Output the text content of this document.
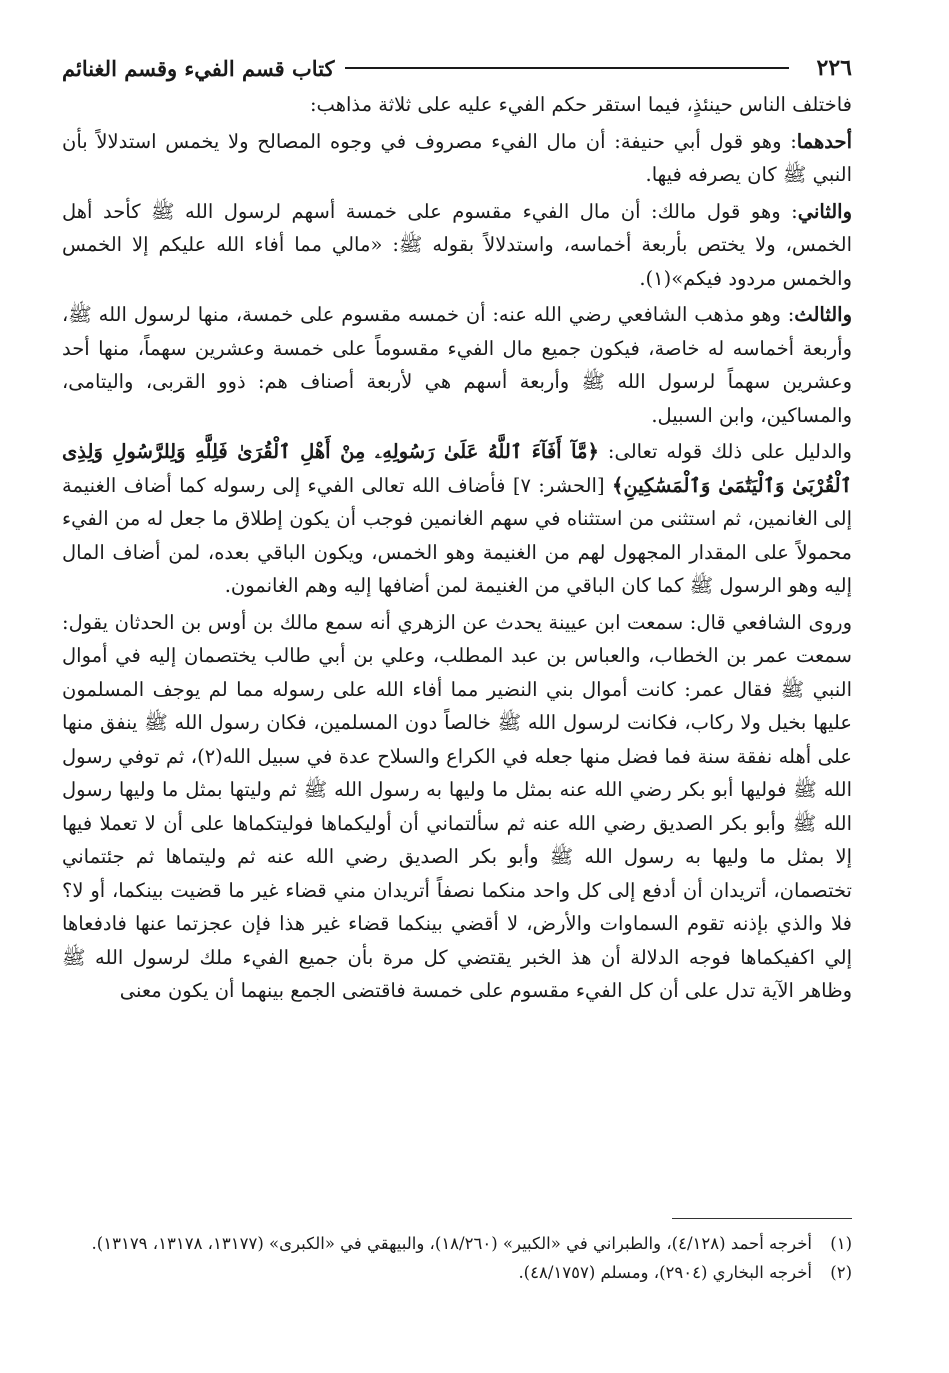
٢٢٦
كتاب قسم الفيء وقسم الغنائم

فاختلف الناس حينئذٍ، فيما استقر حكم الفيء عليه على ثلاثة مذاهب:

أحدهما: وهو قول أبي حنيفة: أن مال الفيء مصروف في وجوه المصالح ولا يخمس استدلالاً بأن النبي ﷺ كان يصرفه فيها.

والثاني: وهو قول مالك: أن مال الفيء مقسوم على خمسة أسهم لرسول الله ﷺ كأحد أهل الخمس، ولا يختص بأربعة أخماسه، واستدلالاً بقوله ﷺ: «مالي مما أفاء الله عليكم إلا الخمس والخمس مردود فيكم»(١).

والثالث: وهو مذهب الشافعي رضي الله عنه: أن خمسه مقسوم على خمسة، منها لرسول الله ﷺ، وأربعة أخماسه له خاصة، فيكون جميع مال الفيء مقسوماً على خمسة وعشرين سهماً، منها أحد وعشرين سهماً لرسول الله ﷺ وأربعة أسهم هي لأربعة أصناف هم: ذوو القربى، واليتامى، والمساكين، وابن السبيل.

والدليل على ذلك قوله تعالى: ﴿مَّآ أَفَآءَ ٱللَّهُ عَلَىٰ رَسُولِهِۦ مِنْ أَهْلِ ٱلْقُرَىٰ فَلِلَّهِ وَلِلرَّسُولِ وَلِذِى ٱلْقُرْبَىٰ وَٱلْيَتَٰمَىٰ وَٱلْمَسَٰكِينِ﴾ [الحشر: ٧] فأضاف الله تعالى الفيء إلى رسوله كما أضاف الغنيمة إلى الغانمين، ثم استثنى من استثناه في سهم الغانمين فوجب أن يكون إطلاق ما جعل له من الفيء محمولاً على المقدار المجهول لهم من الغنيمة وهو الخمس، ويكون الباقي بعده، لمن أضاف المال إليه وهو الرسول ﷺ كما كان الباقي من الغنيمة لمن أضافها إليه وهم الغانمون.

وروى الشافعي قال: سمعت ابن عيينة يحدث عن الزهري أنه سمع مالك بن أوس بن الحدثان يقول: سمعت عمر بن الخطاب، والعباس بن عبد المطلب، وعلي بن أبي طالب يختصمان إليه في أموال النبي ﷺ فقال عمر: كانت أموال بني النضير مما أفاء الله على رسوله مما لم يوجف المسلمون عليها بخيل ولا ركاب، فكانت لرسول الله ﷺ خالصاً دون المسلمين، فكان رسول الله ﷺ ينفق منها على أهله نفقة سنة فما فضل منها جعله في الكراع والسلاح عدة في سبيل الله(٢)، ثم توفي رسول الله ﷺ فوليها أبو بكر رضي الله عنه بمثل ما وليها به رسول الله ﷺ ثم وليتها بمثل ما وليها رسول الله ﷺ وأبو بكر الصديق رضي الله عنه ثم سألتماني أن أوليكماها فوليتكماها على أن لا تعملا فيها إلا بمثل ما وليها به رسول الله ﷺ وأبو بكر الصديق رضي الله عنه ثم وليتماها ثم جئتماني تختصمان، أتريدان أن أدفع إلى كل واحد منكما نصفاً أتريدان مني قضاء غير ما قضيت بينكما، أو لا؟ فلا والذي بإذنه تقوم السماوات والأرض، لا أقضي بينكما قضاء غير هذا فإن عجزتما عنها فادفعاها إلي اكفيكماها فوجه الدلالة أن هذ الخبر يقتضي كل مرة بأن جميع الفيء ملك لرسول الله ﷺ وظاهر الآية تدل على أن كل الفيء مقسوم على خمسة فاقتضى الجمع بينهما أن يكون معنى

(١)
أخرجه أحمد (٤/١٢٨)، والطبراني في «الكبير» (١٨/٢٦٠)، والبيهقي في «الكبرى» (١٣١٧٧، ١٣١٧٨، ١٣١٧٩).
(٢)
أخرجه البخاري (٢٩٠٤)، ومسلم (٤٨/١٧٥٧).
